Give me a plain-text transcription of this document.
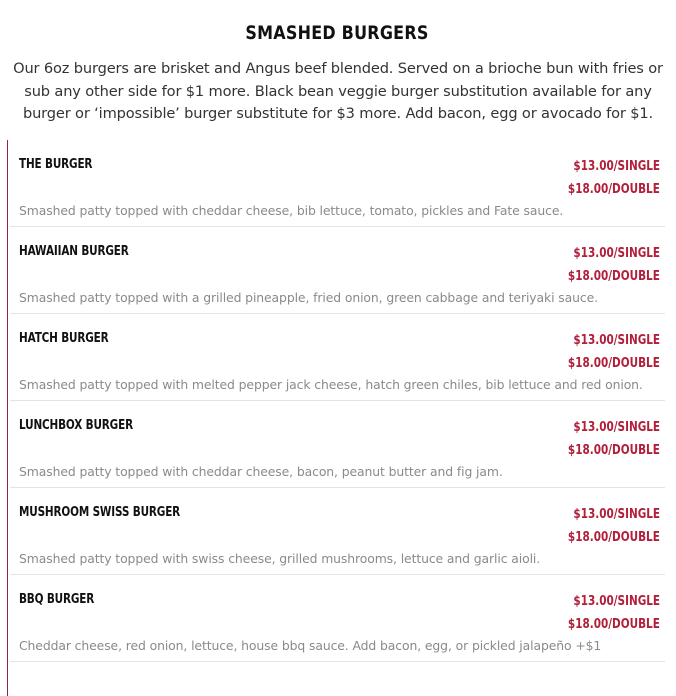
SMASHED BURGERS
Our 6oz burgers are brisket and Angus beef blended. Served on a brioche bun with fries or sub any other side for $1 more. Black bean veggie burger substitution available for any burger or ‘impossible’ burger substitute for $3 more. Add bacon, egg or avocado for $1.
THE BURGER	$13.00/SINGLE
$18.00/DOUBLE
Smashed patty topped with cheddar cheese, bib lettuce, tomato, pickles and Fate sauce.
HAWAIIAN BURGER	$13.00/SINGLE
$18.00/DOUBLE
Smashed patty topped with a grilled pineapple, fried onion, green cabbage and teriyaki sauce.
HATCH BURGER	$13.00/SINGLE
$18.00/DOUBLE
Smashed patty topped with melted pepper jack cheese, hatch green chiles, bib lettuce and red onion.
LUNCHBOX BURGER	$13.00/SINGLE
$18.00/DOUBLE
Smashed patty topped with cheddar cheese, bacon, peanut butter and fig jam.
MUSHROOM SWISS BURGER	$13.00/SINGLE
$18.00/DOUBLE
Smashed patty topped with swiss cheese, grilled mushrooms, lettuce and garlic aioli.
BBQ BURGER	$13.00/SINGLE
$18.00/DOUBLE
Cheddar cheese, red onion, lettuce, house bbq sauce. Add bacon, egg, or pickled jalapeño +$1
